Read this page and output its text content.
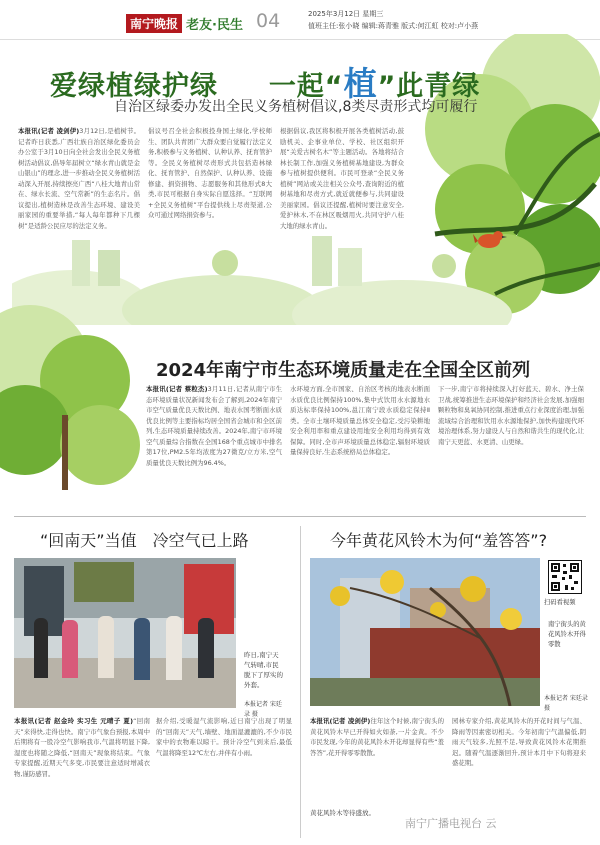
南宁晚报 老友·民生 04	2025年3月12日 星期三
值班主任:张小晓 编辑:蒋青雅 版式:何江虹 校对:卢小燕
爱绿植绿护绿 一起“植”此青绿
自治区绿委办发出全民义务植树倡议,8类尽责形式均可履行
本报讯(记者 凌剑伊)3月12日,是植树节。记者昨日获悉,广西壮族自治区绿化委员会办公室于3月10日向全社会发出全民义务植树活动倡议,倡导年届树立“绿水青山就是金山银山”的理念,进一步推动全民义务植树活动深入开展,持续擦亮广西“八桂大地青山常在、绿水长流、空气常新”的生态名片。倡议提出,植树造林是改善生态环境、建设美丽家园的重要举措,“每人每年都种下几棵树”是适龄公民应尽的法定义务。
倡议号召全社会积极投身国土绿化,学校师生、团队共青团广大群众要自觉履行法定义务,积极参与义务植树、认种认养、抚育管护等。全民义务植树尽责形式共包括造林绿化、抚育管护、自然保护、认种认养、设施修建、捐资捐物、志愿服务和其他形式8大类,市民可根据自身实际自愿选择。“互联网+全民义务植树”平台提供线上尽责渠道,公众可通过网络捐资参与。
根据倡议,我区将积极开展各类植树活动,鼓励机关、企事业单位、学校、社区组织开展“关爱古树名木”等主题活动。各地将结合林长制工作,加强义务植树基地建设,为群众参与植树提供便利。市民可登录“全民义务植树”网站或关注相关公众号,查询附近的植树基地和尽责方式,就近就便参与,共同建设美丽家园。倡议还提醒,植树时要注意安全,爱护林木,不在林区吸烟用火,共同守护八桂大地的绿水青山。
2024年南宁市生态环境质量走在全国全区前列
本报讯(记者 蔡粒杰)3月11日,记者从南宁市生态环境质量状况新闻发布会了解到,2024年南宁市空气质量优良天数比例、地表水国考断面水质优良比例等主要指标均居全国省会城市和全区前列,生态环境质量持续改善。2024年,南宁市环境空气质量综合指数在全国168个重点城市中排名第17位,PM2.5年均浓度为27微克/立方米,空气质量优良天数比例为96.4%。
水环境方面,全市国家、自治区考核的地表水断面水质优良比例保持100%,集中式饮用水水源地水质达标率保持100%,邕江南宁段水质稳定保持Ⅱ类。全市土壤环境质量总体安全稳定,受污染耕地安全利用率和重点建设用地安全利用均得到有效保障。同时,全市声环境质量总体稳定,辐射环境质量保持良好,生态系统格局总体稳定。
下一步,南宁市将持续深入打好蓝天、碧水、净土保卫战,统筹推进生态环境保护和经济社会发展,加强细颗粒物和臭氧协同控制,推进重点行业深度治理,加强流域综合治理和饮用水水源地保护,加快构建现代环境治理体系,努力建设人与自然和谐共生的现代化,让南宁天更蓝、水更清、山更绿。
“回南天”当值　冷空气已上路
昨日,南宁天气转晴,市民脱下了厚实的外套。
本报记者 宋廷录 摄
本报讯(记者 赵金玲 实习生 元晴子 夏)“回南天”来得快,走得也快。南宁市气象台预报,本周中后期将有一股冷空气影响我市,气温将明显下降,湿度也将随之降低,“回南天”现象将结束。气象专家提醒,近期天气多变,市民要注意适时增减衣物,谨防感冒。
据介绍,受暖湿气流影响,近日南宁出现了明显的“回南天”天气,墙壁、地面湿漉漉的,不少市民家中的衣物难以晾干。预计冷空气到来后,最低气温将降至12℃左右,并伴有小雨。
今年黄花风铃木为何“羞答答”?
扫码看视频
南宁街头的黄花风铃木开得零散
本报记者 宋廷录 摄
本报讯(记者 凌剑伊)往年这个时候,南宁街头的黄花风铃木早已开得如火如荼,一片金黄。不少市民发现,今年的黄花风铃木开花却显得有些“羞答答”,花开得零零散散。
园林专家介绍,黄花风铃木的开花时间与气温、降雨等因素密切相关。今年初南宁气温偏低,阴雨天气较多,光照不足,导致黄花风铃木花期推迟。随着气温逐渐回升,预计本月中下旬将迎来盛花期。
黄花风铃木等待盛放。
南宁广播电视台 云
